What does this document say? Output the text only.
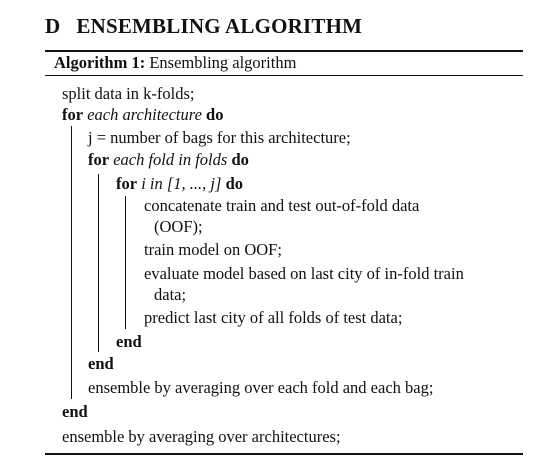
D ENSEMBLING ALGORITHM
Algorithm 1: Ensembling algorithm
split data in k-folds;
for each architecture do
j = number of bags for this architecture;
for each fold in folds do
for i in [1, ..., j] do
concatenate train and test out-of-fold data
(OOF);
train model on OOF;
evaluate model based on last city of in-fold train
data;
predict last city of all folds of test data;
end
end
ensemble by averaging over each fold and each bag;
end
ensemble by averaging over architectures;
